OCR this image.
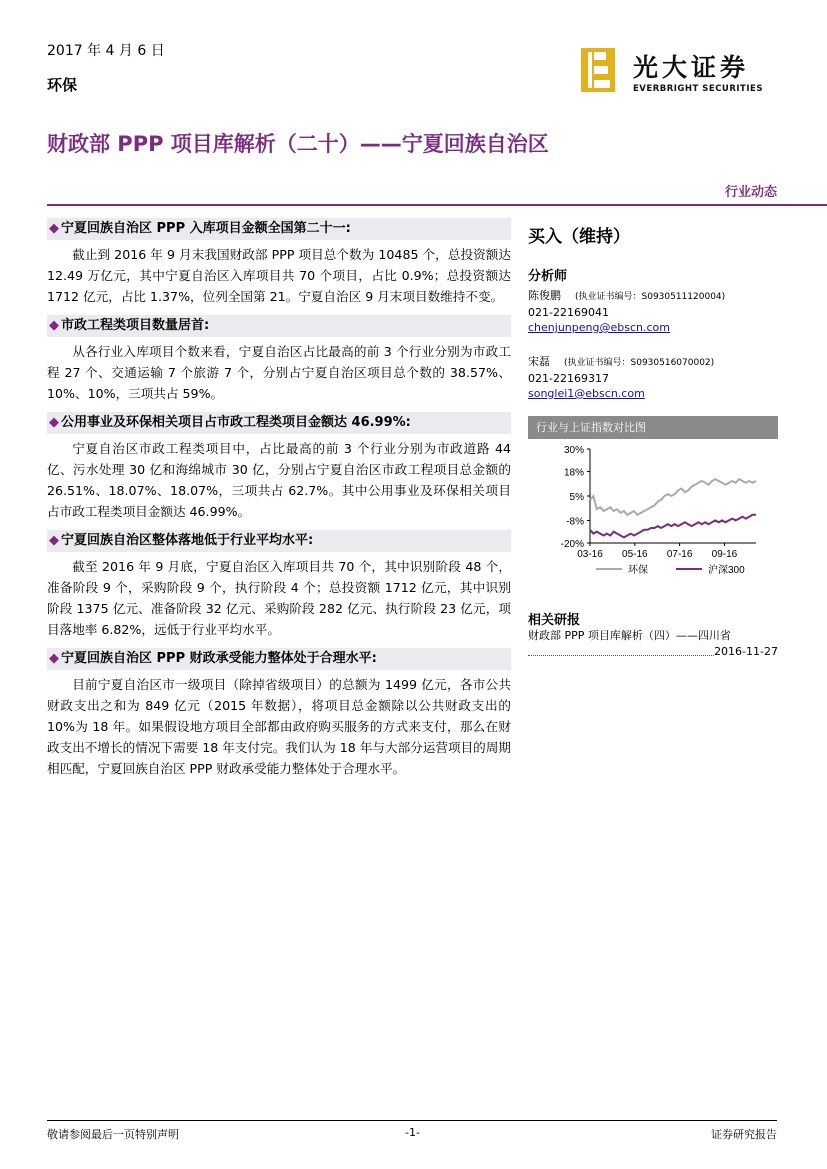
2017 年 4 月 6 日
环保
光大证券
EVERBRIGHT SECURITIES
财政部 PPP 项目库解析（二十）——宁夏回族自治区
行业动态
◆ 宁夏回族自治区 PPP 入库项目金额全国第二十一:
截止到 2016 年 9 月末我国财政部 PPP 项目总个数为 10485 个，总投资额达 12.49 万亿元，其中宁夏自治区入库项目共 70 个项目，占比 0.9%；总投资额达 1712 亿元，占比 1.37%，位列全国第 21。宁夏自治区 9 月末项目数维持不变。
◆ 市政工程类项目数量居首:
从各行业入库项目个数来看，宁夏自治区占比最高的前 3 个行业分别为市政工程 27 个、交通运输 7 个旅游 7 个，分别占宁夏自治区项目总个数的 38.57%、10%、10%，三项共占 59%。
◆ 公用事业及环保相关项目占市政工程类项目金额达 46.99%:
宁夏自治区市政工程类项目中，占比最高的前 3 个行业分别为市政道路 44 亿、污水处理 30 亿和海绵城市 30 亿，分别占宁夏自治区市政工程项目总金额的 26.51%、18.07%、18.07%，三项共占 62.7%。其中公用事业及环保相关项目占市政工程类项目金额达 46.99%。
◆ 宁夏回族自治区整体落地低于行业平均水平:
截至 2016 年 9 月底，宁夏自治区入库项目共 70 个，其中识别阶段 48 个，准备阶段 9 个，采购阶段 9 个，执行阶段 4 个；总投资额 1712 亿元，其中识别阶段 1375 亿元、准备阶段 32 亿元、采购阶段 282 亿元、执行阶段 23 亿元，项目落地率 6.82%，远低于行业平均水平。
◆ 宁夏回族自治区 PPP 财政承受能力整体处于合理水平:
目前宁夏自治区市一级项目（除掉省级项目）的总额为 1499 亿元，各市公共财政支出之和为 849 亿元（2015 年数据），将项目总金额除以公共财政支出的 10%为 18 年。如果假设地方项目全部都由政府购买服务的方式来支付，那么在财政支出不增长的情况下需要 18 年支付完。我们认为 18 年与大部分运营项目的周期相匹配，宁夏回族自治区 PPP 财政承受能力整体处于合理水平。
买入（维持）
分析师
陈俊鹏 (执业证书编号：S0930511120004)
021-22169041
chenjunpeng@ebscn.com
宋磊 (执业证书编号：S0930516070002)
021-22169317
songlei1@ebscn.com
行业与上证指数对比图
30%
18%
5%
-8%
-20%
03-16 05-16 07-16 09-16
环保	沪深300
相关研报
财政部 PPP 项目库解析（四）——四川省
2016-11-27
敬请参阅最后一页特别声明	-1-	证券研究报告
